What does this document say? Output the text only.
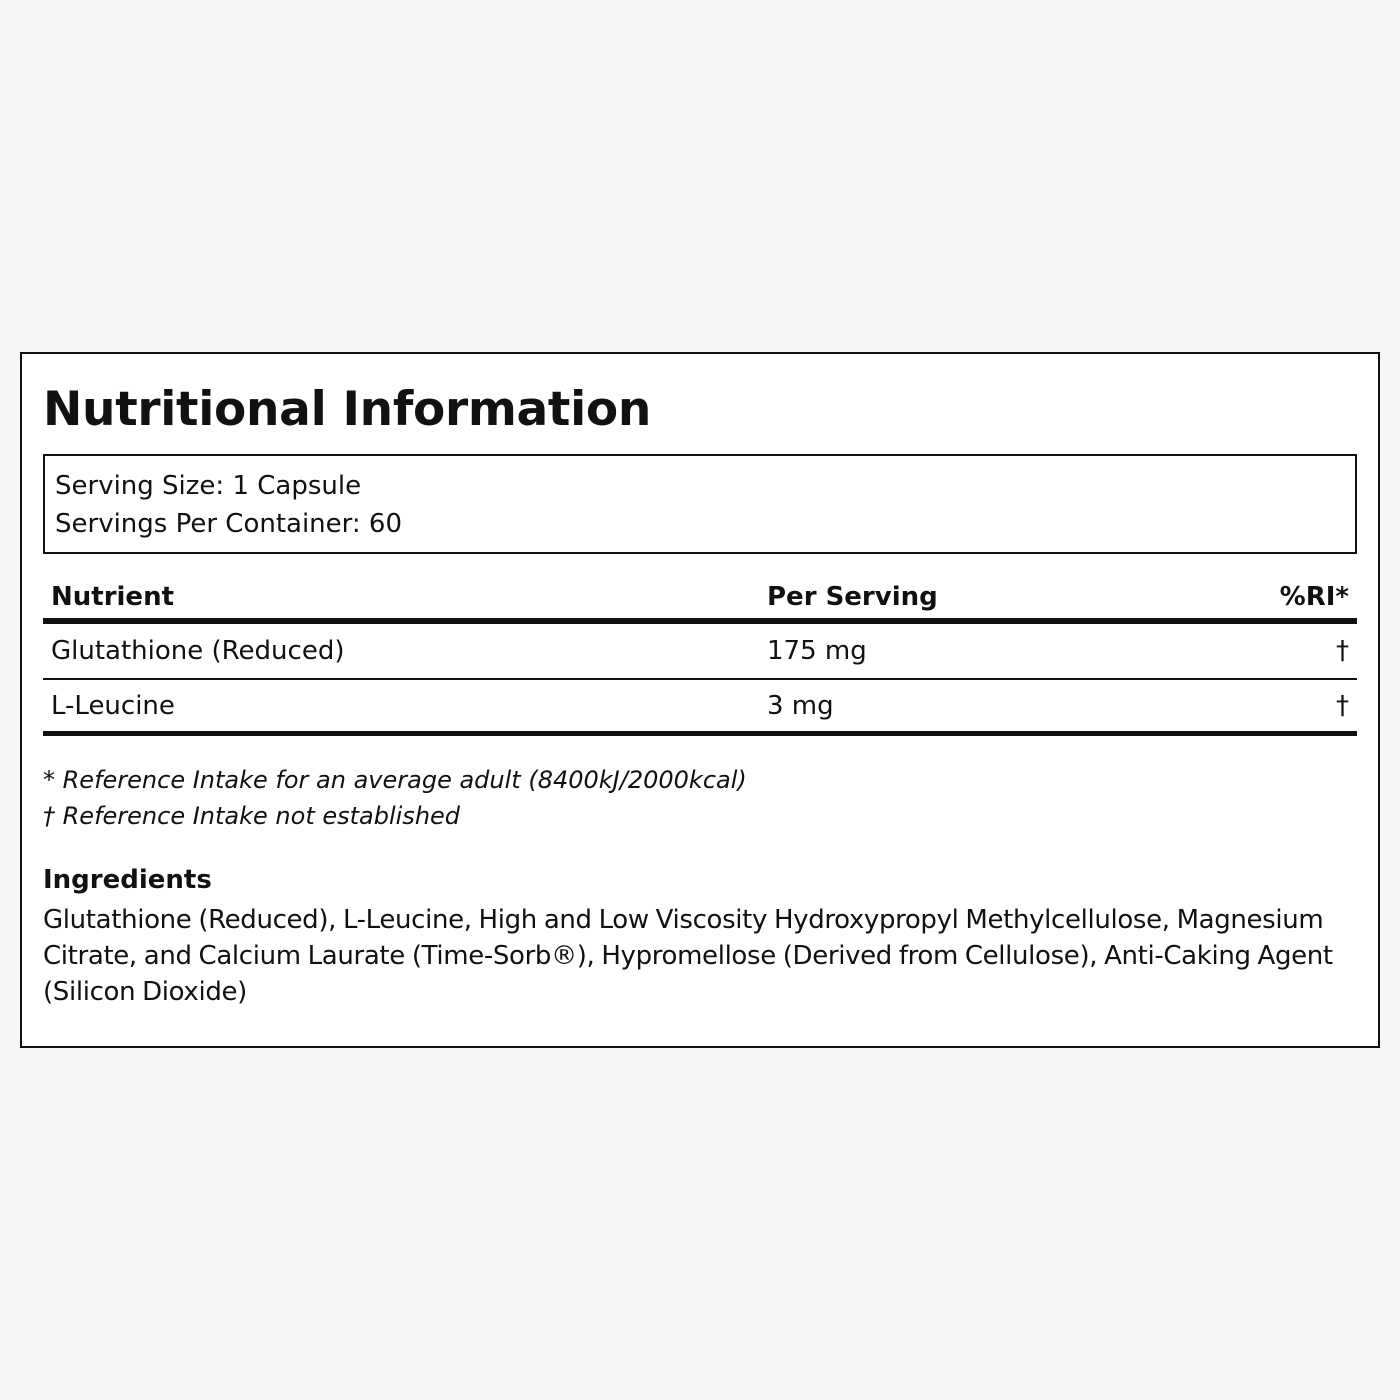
Nutritional Information
Serving Size: 1 Capsule
Servings Per Container: 60
Nutrient	Per Serving	%RI*
Glutathione (Reduced)	175 mg	†
L-Leucine	3 mg	†
* Reference Intake for an average adult (8400kJ/2000kcal)
† Reference Intake not established
Ingredients

Glutathione (Reduced), L-Leucine, High and Low Viscosity Hydroxypropyl Methylcellulose, Magnesium Citrate, and Calcium Laurate (Time-Sorb®), Hypromellose (Derived from Cellulose), Anti-Caking Agent (Silicon Dioxide)
